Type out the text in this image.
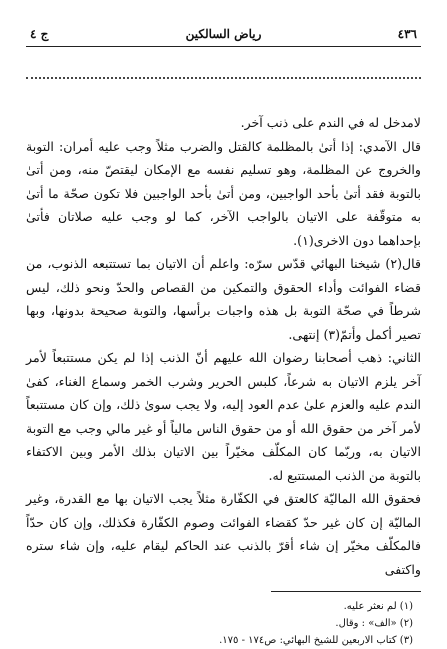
٤٣٦
رياض السالكين
ج ٤

لامدخل له في الندم على ذنب آخر.

قال الآمدي: إذا أتىٰ بالمظلمة كالقتل والضرب مثلاً وجب عليه أمران: التوبة والخروج عن المظلمة، وهو تسليم نفسه مع الإمكان ليقتصّ منه، ومن أتىٰ بالتوبة فقد أتىٰ بأحد الواجبين، ومن أتىٰ بأحد الواجبين فلا تكون صحّة ما أتىٰ به متوقّفة على الاتيان بالواجب الآخر، كما لو وجب عليه صلاتان فأتىٰ بإحداهما دون الاخرى(١).

قال(٢) شيخنا البهائي قدّس سرّه: واعلم أن الاتيان بما تستتبعه الذنوب، من قضاء الفوائت وأداء الحقوق والتمكين من القصاص والحدّ ونحو ذلك، ليس شرطاً في صحّة التوبة بل هذه واجبات برأسها، والتوبة صحيحة بدونها، وبها تصير أكمل وأتمّ(٣) إنتهى.

الثاني: ذهب أصحابنا رضوان الله عليهم أنّ الذنب إذا لم يكن مستتبعاً لأمر آخر يلزم الاتيان به شرعاً، كلبس الحرير وشرب الخمر وسماع الغناء، كفىٰ الندم عليه والعزم علىٰ عدم العود إليه، ولا يجب سوىٰ ذلك، وإن كان مستتبعاً لأمر آخر من حقوق الله أو من حقوق الناس مالياً أو غير مالي وجب مع التوبة الاتيان به، وربّما كان المكلّف مخيّراً بين الاتيان بذلك الأمر وبين الاكتفاء بالتوبة من الذنب المستتبع له.

فحقوق الله الماليّة كالعتق في الكفّارة مثلاً يجب الاتيان بها مع القدرة، وغير الماليّة إن كان غير حدّ كقضاء الفوائت وصوم الكفّارة فكذلك، وإن كان حدّاً فالمكلّف مخيّر إن شاء أقرّ بالذنب عند الحاكم ليقام عليه، وإن شاء ستره واكتفى

(١) لم نعثر عليه.
(٢) «الف» : وقال.
(٣) كتاب الاربعين للشيخ البهائي: ص١٧٤ - ١٧٥.
